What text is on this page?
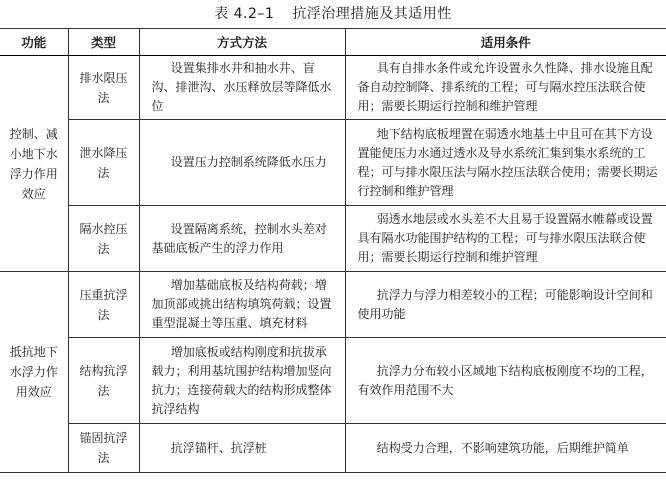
表 4.2–1 抗浮治理措施及其适用性
功能	类型	方式方法	适用条件
控制、减小地下水浮力作用效应	排水限压法	设置集排水井和抽水井、盲沟、排泄沟、水压释放层等降低水位	具有自排水条件或允许设置永久性降、排水设施且配备自动控制降、排系统的工程；可与隔水控压法联合使用；需要长期运行控制和维护管理
	泄水降压法	设置压力控制系统降低水压力	地下结构底板埋置在弱透水地基土中且可在其下方设置能使压力水通过透水及导水系统汇集到集水系统的工程；可与排水限压法与隔水控压法联合使用；需要长期运行控制和维护管理
	隔水控压法	设置隔离系统，控制水头差对基础底板产生的浮力作用	弱透水地层或水头差不大且易于设置隔水帷幕或设置具有隔水功能围护结构的工程；可与排水限压法联合使用；需要长期运行控制和维护管理
抵抗地下水浮力作用效应	压重抗浮法	增加基础底板及结构荷载；增加顶部或挑出结构填筑荷载；设置重型混凝土等压重、填充材料	抗浮力与浮力相差较小的工程；可能影响设计空间和使用功能
	结构抗浮法	增加底板或结构刚度和抗拔承载力；利用基坑围护结构增加竖向抗力；连接荷载大的结构形成整体抗浮结构	抗浮力分布较小区域地下结构底板刚度不均的工程，有效作用范围不大
	锚固抗浮法	抗浮锚杆、抗浮桩	结构受力合理，不影响建筑功能，后期维护简单
